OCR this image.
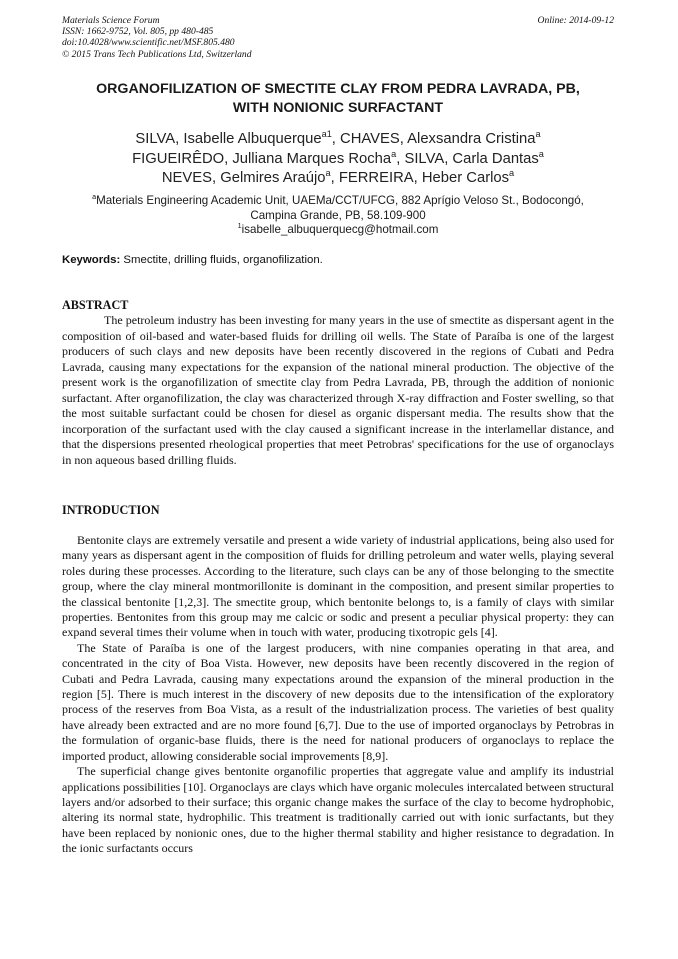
Materials Science Forum
ISSN: 1662-9752, Vol. 805, pp 480-485
doi:10.4028/www.scientific.net/MSF.805.480
© 2015 Trans Tech Publications Ltd, Switzerland
Online: 2014-09-12
ORGANOFILIZATION OF SMECTITE CLAY FROM PEDRA LAVRADA, PB,
WITH NONIONIC SURFACTANT
SILVA, Isabelle Albuquerque$^{a1}$, CHAVES, Alexsandra Cristina$^a$
FIGUEIRÊDO, Julliana Marques Rocha$^a$, SILVA, Carla Dantas$^a$
NEVES, Gelmires Araújo$^a$, FERREIRA, Heber Carlos$^a$
$^a$Materials Engineering Academic Unit, UAEMa/CCT/UFCG, 882 Aprígio Veloso St., Bodocongó,
Campina Grande, PB, 58.109-900
$^1$isabelle_albuquerquecg@hotmail.com
Keywords: Smectite, drilling fluids, organofilization.
ABSTRACT

The petroleum industry has been investing for many years in the use of smectite as dispersant agent in the composition of oil-based and water-based fluids for drilling oil wells. The State of Paraíba is one of the largest producers of such clays and new deposits have been recently discovered in the regions of Cubati and Pedra Lavrada, causing many expectations for the expansion of the national mineral production. The objective of the present work is the organofilization of smectite clay from Pedra Lavrada, PB, through the addition of nonionic surfactant. After organofilization, the clay was characterized through X-ray diffraction and Foster swelling, so that the most suitable surfactant could be chosen for diesel as organic dispersant media. The results show that the incorporation of the surfactant used with the clay caused a significant increase in the interlamellar distance, and that the dispersions presented rheological properties that meet Petrobras' specifications for the use of organoclays in non aqueous based drilling fluids.

INTRODUCTION

Bentonite clays are extremely versatile and present a wide variety of industrial applications, being also used for many years as dispersant agent in the composition of fluids for drilling petroleum and water wells, playing several roles during these processes. According to the literature, such clays can be any of those belonging to the smectite group, where the clay mineral montmorillonite is dominant in the composition, and present similar properties to the classical bentonite [1,2,3]. The smectite group, which bentonite belongs to, is a family of clays with similar properties. Bentonites from this group may me calcic or sodic and present a peculiar physical property: they can expand several times their volume when in touch with water, producing tixotropic gels [4].

The State of Paraíba is one of the largest producers, with nine companies operating in that area, and concentrated in the city of Boa Vista. However, new deposits have been recently discovered in the region of Cubati and Pedra Lavrada, causing many expectations around the expansion of the mineral production in the region [5]. There is much interest in the discovery of new deposits due to the intensification of the exploratory process of the reserves from Boa Vista, as a result of the industrialization process. The varieties of best quality have already been extracted and are no more found [6,7]. Due to the use of imported organoclays by Petrobras in the formulation of organic-base fluids, there is the need for national producers of organoclays to replace the imported product, allowing considerable social improvements [8,9].

The superficial change gives bentonite organofilic properties that aggregate value and amplify its industrial applications possibilities [10]. Organoclays are clays which have organic molecules intercalated between structural layers and/or adsorbed to their surface; this organic change makes the surface of the clay to become hydrophobic, altering its normal state, hydrophilic. This treatment is traditionally carried out with ionic surfactants, but they have been replaced by nonionic ones, due to the higher thermal stability and higher resistance to degradation. In the ionic surfactants occurs
